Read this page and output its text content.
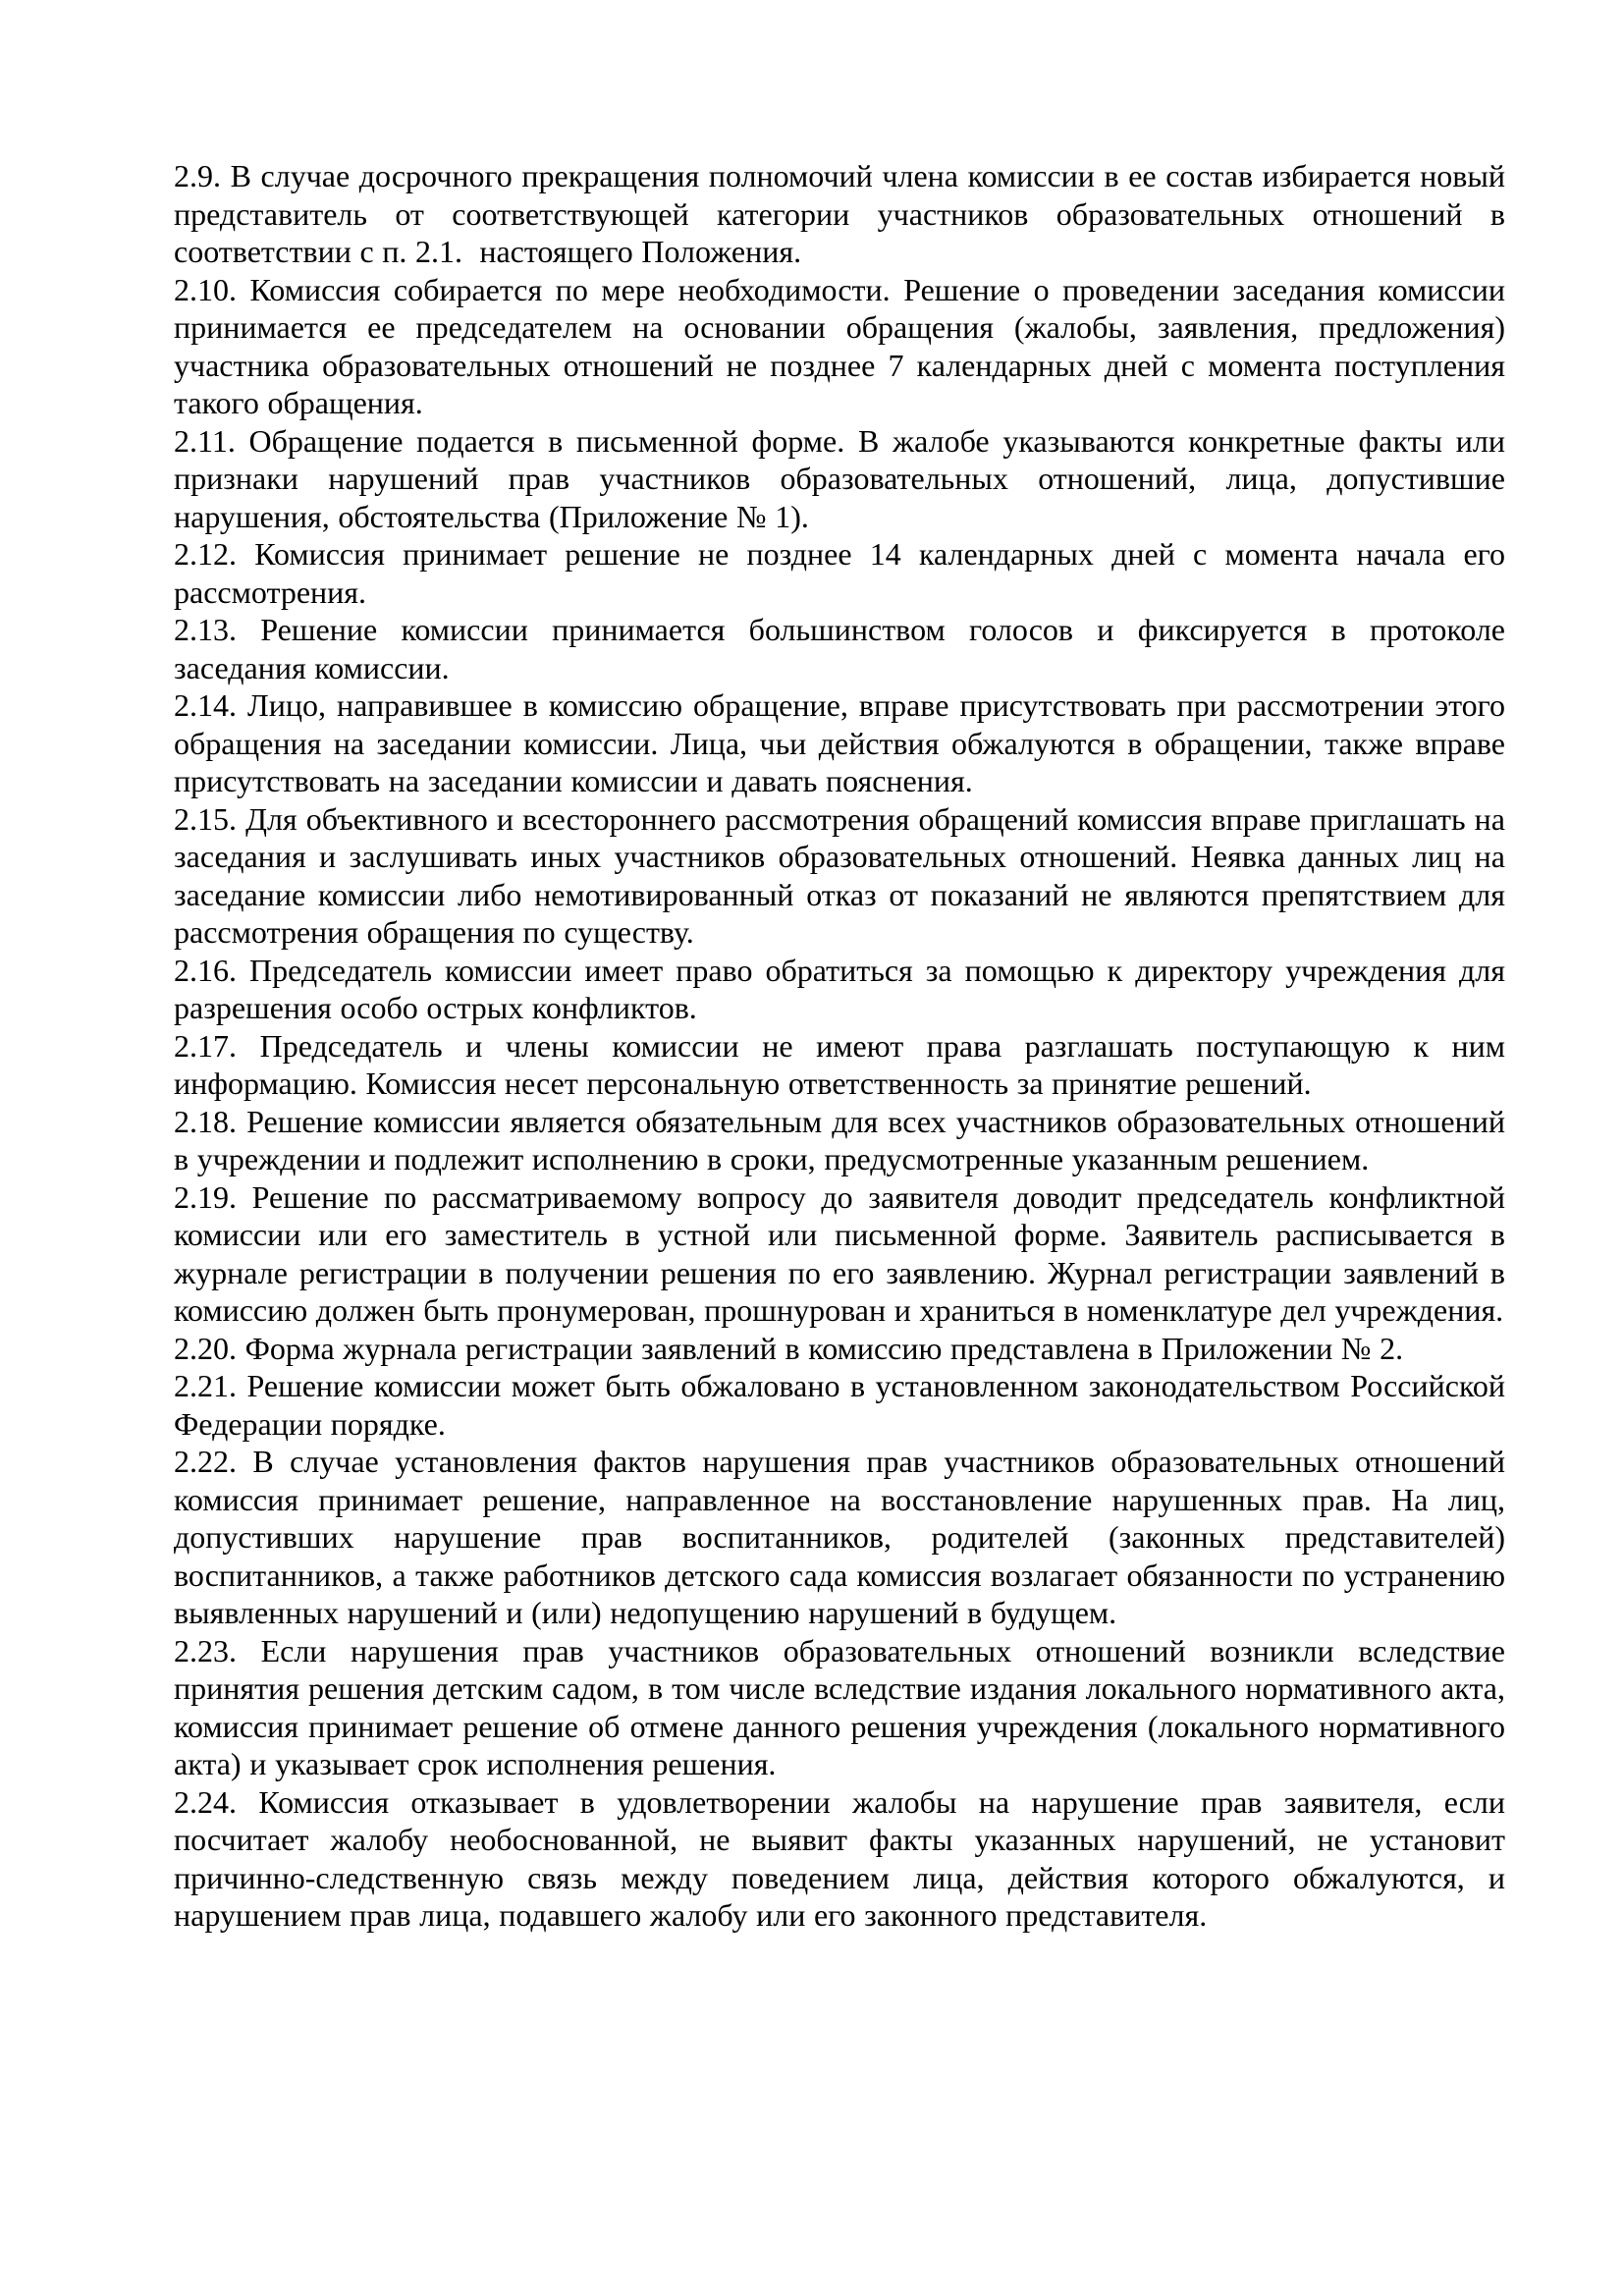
2.9. В случае досрочного прекращения полномочий члена комиссии в ее состав избирается новый представитель от соответствующей категории участников образовательных отношений в соответствии с п. 2.1.  настоящего Положения.

2.10. Комиссия собирается по мере необходимости. Решение о проведении заседания комиссии принимается ее председателем на основании обращения (жалобы, заявления, предложения) участника образовательных отношений не позднее 7 календарных дней с момента поступления такого обращения.

2.11. Обращение подается в письменной форме. В жалобе указываются конкретные факты или признаки нарушений прав участников образовательных отношений, лица, допустившие нарушения, обстоятельства (Приложение № 1).

2.12. Комиссия принимает решение не позднее 14 календарных дней с момента начала его рассмотрения.

2.13. Решение комиссии принимается большинством голосов и фиксируется в протоколе заседания комиссии.

2.14. Лицо, направившее в комиссию обращение, вправе присутствовать при рассмотрении этого обращения на заседании комиссии. Лица, чьи действия обжалуются в обращении, также вправе присутствовать на заседании комиссии и давать пояснения.

2.15. Для объективного и всестороннего рассмотрения обращений комиссия вправе приглашать на заседания и заслушивать иных участников образовательных отношений. Неявка данных лиц на заседание комиссии либо немотивированный отказ от показаний не являются препятствием для рассмотрения обращения по существу.

2.16. Председатель комиссии имеет право обратиться за помощью к директору учреждения для разрешения особо острых конфликтов.

2.17. Председатель и члены комиссии не имеют права разглашать поступающую к ним информацию. Комиссия несет персональную ответственность за принятие решений.

2.18. Решение комиссии является обязательным для всех участников образовательных отношений в учреждении и подлежит исполнению в сроки, предусмотренные указанным решением.

2.19. Решение по рассматриваемому вопросу до заявителя доводит председатель конфликтной комиссии или его заместитель в устной или письменной форме. Заявитель расписывается в журнале регистрации в получении решения по его заявлению. Журнал регистрации заявлений в комиссию должен быть пронумерован, прошнурован и храниться в номенклатуре дел учреждения.

2.20. Форма журнала регистрации заявлений в комиссию представлена в Приложении № 2.

2.21. Решение комиссии может быть обжаловано в установленном законодательством Российской Федерации порядке.

2.22. В случае установления фактов нарушения прав участников образовательных отношений комиссия принимает решение, направленное на восстановление нарушенных прав. На лиц, допустивших нарушение прав воспитанников, родителей (законных представителей) воспитанников, а также работников детского сада комиссия возлагает обязанности по устранению выявленных нарушений и (или) недопущению нарушений в будущем.

2.23. Если нарушения прав участников образовательных отношений возникли вследствие принятия решения детским садом, в том числе вследствие издания локального нормативного акта, комиссия принимает решение об отмене данного решения учреждения (локального нормативного акта) и указывает срок исполнения решения.

2.24. Комиссия отказывает в удовлетворении жалобы на нарушение прав заявителя, если посчитает жалобу необоснованной, не выявит факты указанных нарушений, не установит причинно-следственную связь между поведением лица, действия которого обжалуются, и нарушением прав лица, подавшего жалобу или его законного представителя.
